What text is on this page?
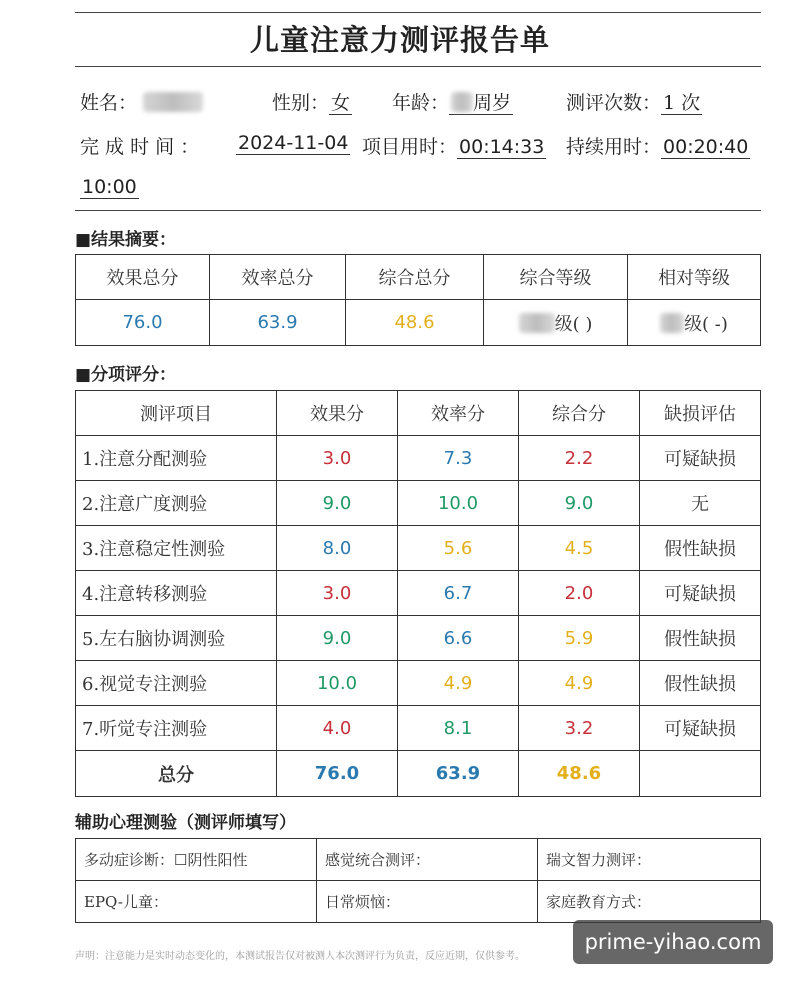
儿童注意力测评报告单
姓名：	性别： 女 年龄： 周岁	测评次数： 1 次
完 成 时 间 ： 2024-11-04 项目用时： 00:14:33 持续用时： 00:20:40
10:00
■结果摘要：
效果总分	效率总分	综合总分	综合等级	相对等级
76.0	63.9	48.6	级( )	级( -)
■分项评分：
测评项目	效果分	效率分	综合分	缺损评估
1.注意分配测验	3.0	7.3	2.2	可疑缺损
2.注意广度测验	9.0	10.0	9.0	无
3.注意稳定性测验	8.0	5.6	4.5	假性缺损
4.注意转移测验	3.0	6.7	2.0	可疑缺损
5.左右脑协调测验	9.0	6.6	5.9	假性缺损
6.视觉专注测验	10.0	4.9	4.9	假性缺损
7.听觉专注测验	4.0	8.1	3.2	可疑缺损
总分	76.0	63.9	48.6	
辅助心理测验（测评师填写）
多动症诊断：☐阴性阳性	感觉统合测评：	瑞文智力测评：
EPQ-儿童：	日常烦恼：	家庭教育方式：
声明：注意能力是实时动态变化的，本测试报告仅对被测人本次测评行为负责，反应近期，仅供参考。
prime-yihao.com
